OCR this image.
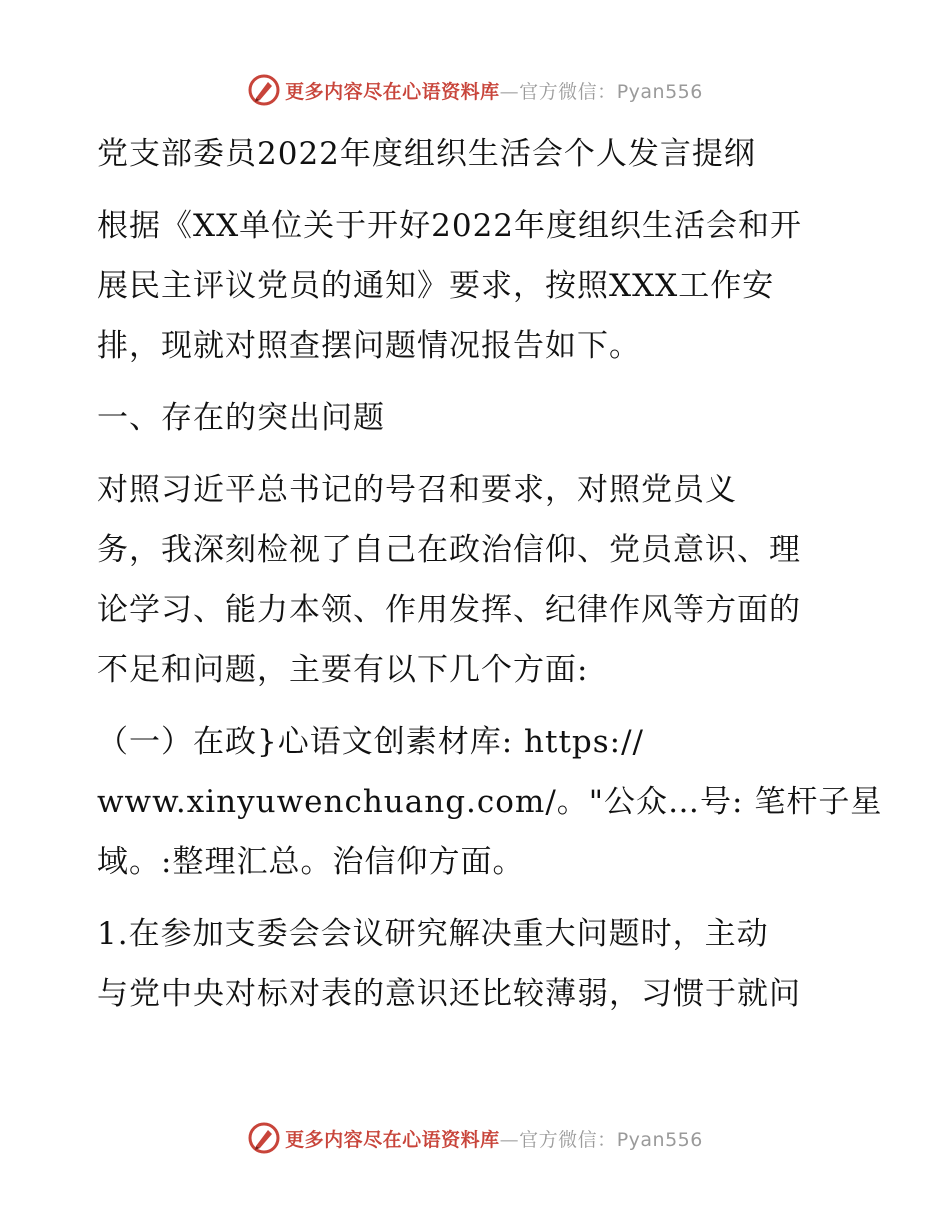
更多内容尽在心语资料库—官方微信：Pyan556
党支部委员2022年度组织生活会个人发言提纲
根据《XX单位关于开好2022年度组织生活会和开
展民主评议党员的通知》要求，按照XXX工作安
排，现就对照查摆问题情况报告如下。
一、存在的突出问题
对照习近平总书记的号召和要求，对照党员义
务，我深刻检视了自己在政治信仰、党员意识、理
论学习、能力本领、作用发挥、纪律作风等方面的
不足和问题，主要有以下几个方面:
（一）在政}心语文创素材库: https://
www.xinyuwenchuang.com/。"公众…号: 笔杆子星
域。:整理汇总。治信仰方面。
1.在参加支委会会议研究解决重大问题时，主动
与党中央对标对表的意识还比较薄弱，习惯于就问
更多内容尽在心语资料库—官方微信：Pyan556
